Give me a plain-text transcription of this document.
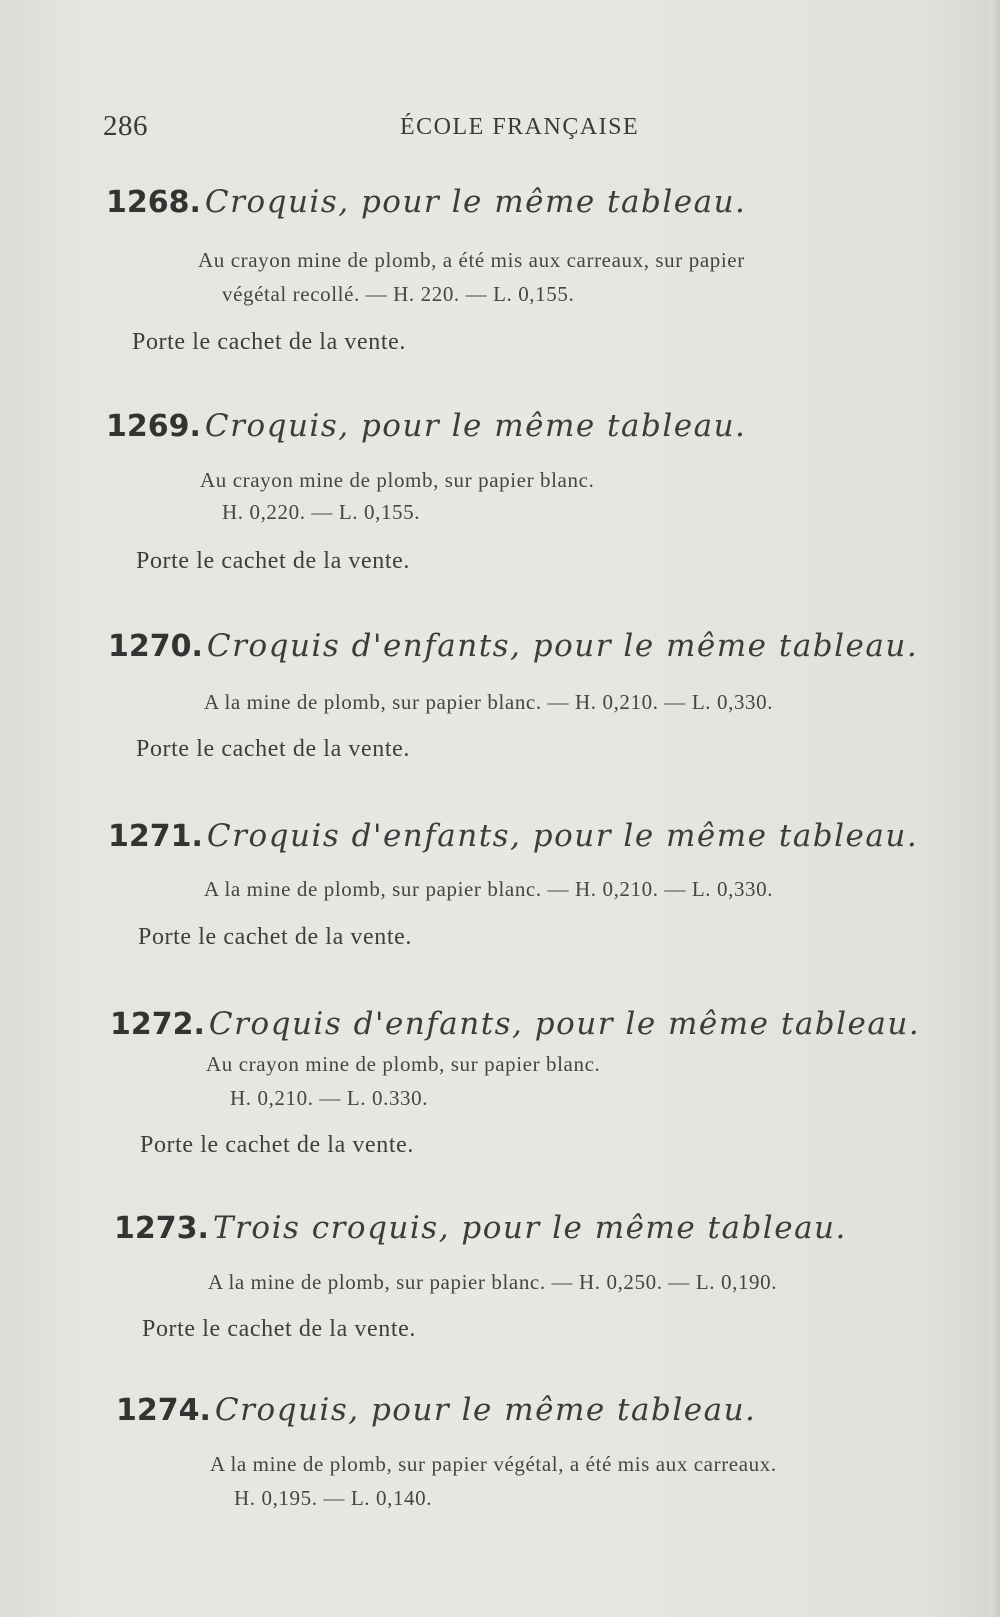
286	ÉCOLE FRANÇAISE
1268. Croquis, pour le même tableau.
Au crayon mine de plomb, a été mis aux carreaux, sur papier
végétal recollé. — H. 220. — L. 0,155.
Porte le cachet de la vente.
1269. Croquis, pour le même tableau.
Au crayon mine de plomb, sur papier blanc.
H. 0,220. — L. 0,155.
Porte le cachet de la vente.
1270. Croquis d'enfants, pour le même tableau.
A la mine de plomb, sur papier blanc. — H. 0,210. — L. 0,330.
Porte le cachet de la vente.
1271. Croquis d'enfants, pour le même tableau.
A la mine de plomb, sur papier blanc. — H. 0,210. — L. 0,330.
Porte le cachet de la vente.
1272. Croquis d'enfants, pour le même tableau.
Au crayon mine de plomb, sur papier blanc.
H. 0,210. — L. 0.330.
Porte le cachet de la vente.
1273. Trois croquis, pour le même tableau.
A la mine de plomb, sur papier blanc. — H. 0,250. — L. 0,190.
Porte le cachet de la vente.
1274. Croquis, pour le même tableau.
A la mine de plomb, sur papier végétal, a été mis aux carreaux.
H. 0,195. — L. 0,140.
